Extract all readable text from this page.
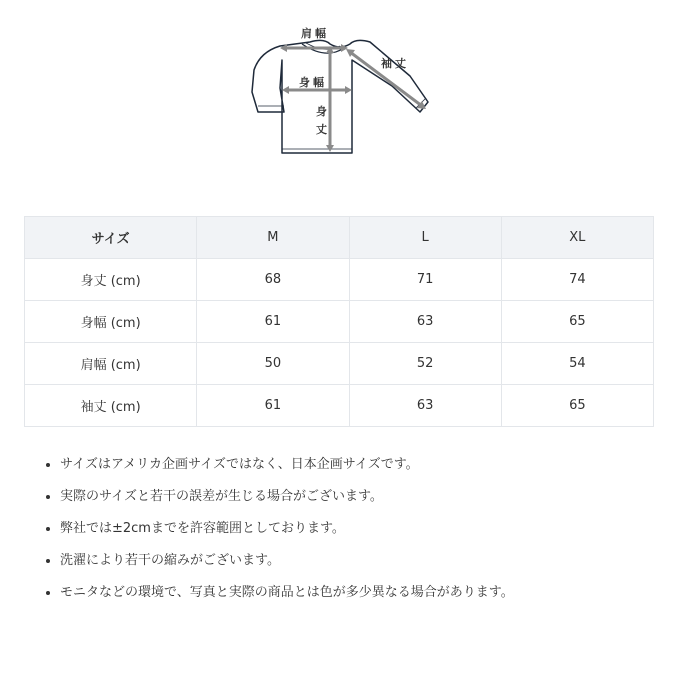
肩幅
袖丈
身幅
身
丈
サイズ	M	L	XL
身丈 (cm)	68	71	74
身幅 (cm)	61	63	65
肩幅 (cm)	50	52	54
袖丈 (cm)	61	63	65
• サイズはアメリカ企画サイズではなく、日本企画サイズです。
• 実際のサイズと若干の誤差が生じる場合がございます。
• 弊社では±2cmまでを許容範囲としております。
• 洗濯により若干の縮みがございます。
• モニタなどの環境で、写真と実際の商品とは色が多少異なる場合があります。
